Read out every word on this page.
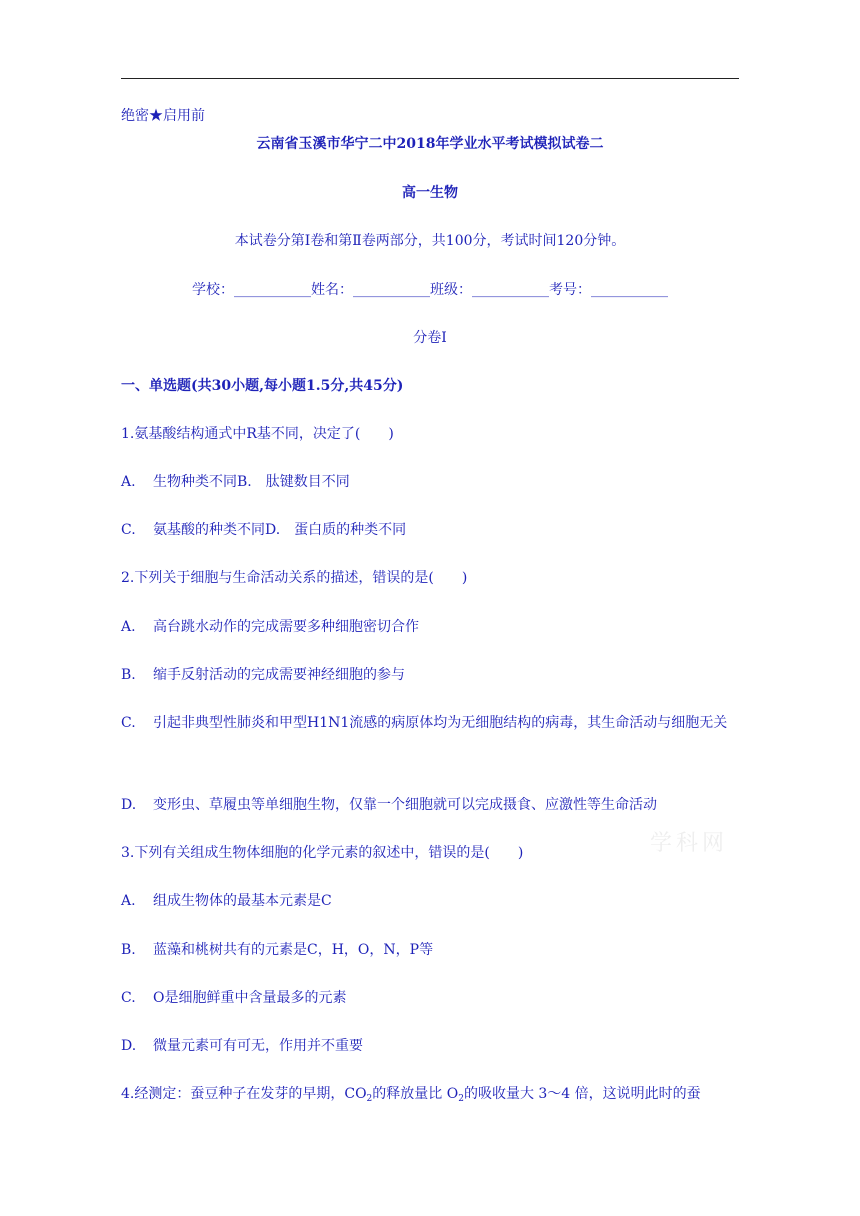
绝密★启用前
云南省玉溪市华宁二中2018年学业水平考试模拟试卷二
高一生物
本试卷分第Ⅰ卷和第Ⅱ卷两部分，共100分，考试时间120分钟。
学校：___________姓名：___________班级：___________考号：___________
分卷I
一、单选题(共30小题,每小题1.5分,共45分)
1.氨基酸结构通式中R基不同，决定了(　　)
A. 生物种类不同B.　肽键数目不同
C. 氨基酸的种类不同D.　蛋白质的种类不同
2.下列关于细胞与生命活动关系的描述，错误的是(　　)
A. 高台跳水动作的完成需要多种细胞密切合作
B. 缩手反射活动的完成需要神经细胞的参与
C. 引起非典型性肺炎和甲型H1N1流感的病原体均为无细胞结构的病毒，其生命活动与细胞无关
D. 变形虫、草履虫等单细胞生物，仅靠一个细胞就可以完成摄食、应激性等生命活动
学科网
3.下列有关组成生物体细胞的化学元素的叙述中，错误的是(　　)
A. 组成生物体的最基本元素是C
B. 蓝藻和桃树共有的元素是C，H，O，N，P等
C. O是细胞鲜重中含量最多的元素
D. 微量元素可有可无，作用并不重要
4.经测定：蚕豆种子在发芽的早期，$CO_2$的释放量比 $O_2$的吸收量大 3～4 倍，这说明此时的蚕
